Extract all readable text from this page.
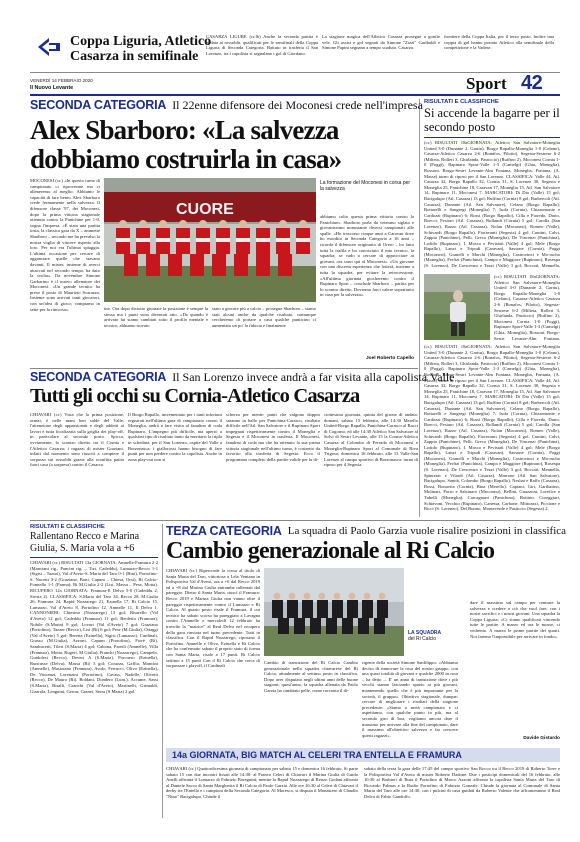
Coppa Liguria, Atletico
Casarza in semifinale
CASARZA LIGURE (cr.lb) Anche la seconda partita è andata ai rossoblù, qualificati per le semifinali della Coppa Liguria di Seconda Categoria. Battuto in trasferta il San Lorenzo, tra i capolista si segnalano i gol di Giordano.
La stagione magica dell'Atletico Casarza prosegue a gonfie vele. Gli assist e gol segnati da Simone "Zizzi" Garibaldi e Simone Papini segnano a tempo scaduto. Casarza.
frontiere della Coppa Italia, per il terzo posto. Inoltre una coppia di gol hanno portato Atletico alla semifinale della competizione e la Vadese.
VENERDÌ 14 FEBBRAIO 2020
Il Nuovo Levante	Sport 42
RISULTATI E CLASSIFICHE
Si accende la bagarre per il secondo posto
(cr.) RISULTATI 18aGIORNATA: Atletico San Salvatore-Moneglia United 3-0 (Dunante 2, Garitu), Borgo Rapallo-Moneglia 1-0 (Celano), Casarza-Atletico Casarza 2-6 (Bonafos, Pilotto), Segesta-Sestrese 6-2 (Milieta, Rolleri 3, Ghirlanda, Pasticcio) (Ruffino 2), Moconesi Cornia 1-0 (Poggi), Rapinaro Sport-Valle 1-3 (Camelgi) (Ghia, Moneglia), Rossoni. Borgo-Sestri Levante-Alm Fontana, Moneglia, Fontana, (A. Masse) turno di riposo per il San Lorenzo. CLASSIFICA: Valle 44, Atl. Casarza 32, Borgo Rapallo 32, Cornia 31, S. Lorenzo 30, Segesta e Moneglia 25, Panichine 18, Caravan 17, Moneglia 15, Atl. San Salvatore 14, Rupinaro 11, Moconesi 7. MARCATORI: Di Dio (Valle) 15 gol; Bacigalupo (Atl. Casarza) 13 gol; Ruffino (Cornia) 8 gol; Barbercoli (Atl. Casarza), Dunante (Atl. San Salvatore), Celano (Borgo Rapallo), Bottarelli e Sangregi (Moneglia) 7; Isola (Cornia), Chiaromonte e Cardozzi (Rupinaro) 6; Rossi (Borgo Rapallo), Cilla e Fioredo, Dario, Boecci, Fesiaro (Atl. Casarza), Rollandi (Cornia) 5 gol; Carolla (San Lorenzo), Razzo (Atl. Casarza), Nolan (Moconesi), Romeo (Valle), Schivardi (Borgo Rapallo), Fioravanti (Segesta) 4 gol. Contini, Calvi, Zappia (Panichine), Pelli, Greco (Moneglia), De Vincenzi (Panichina), Lodolo (Rupinaro), I. Mosca e Pevistati (Valle) 4 gol; Mele (Borgo Rapallo), Lanzi e Tripodi (Caravan), Sassone (Cornia), Poggi (Moconesi), Granelli e Marchi (Moneglia), Castrovinci e Mo-rucho (Moneglia), Ferfizi (Panichina), Campo e Maggiore (Rupinaro), Rosespa (S. Lorenzo), De Crescenzo e Tezzi (Valle) 3 gol; Boccati, Mennella,
(cr.) RISULTATI 18aGIORNATA: Atletico San Salvatore-Moneglia United 3-0 (Dunante 2, Garitu), Borgo Rapallo-Moneglia 1-0 (Celano), Casarza-Atletico Casarza 2-6 (Bonafos, Pilotto), Segesta-Sestrese 6-2 (Milieta, Rolleri 3, Ghirlanda, Pasticcio) (Ruffino 2), Moconesi Cornia 1-0 (Poggi), Rapinaro Sport-Valle 1-3 (Camelgi) (Ghia, Moneglia), Rossoni. Borgo-Sestri Levante-Alm Fontana,
(cr.) RISULTATI 18aGIORNATA: Atletico San Salvatore-Moneglia United 3-0 (Dunante 2, Garitu), Borgo Rapallo-Moneglia 1-0 (Celano), Casarza-Atletico Casarza 2-6 (Bonafos, Pilotto), Segesta-Sestrese 6-2 (Milieta, Rolleri 3, Ghirlanda, Pasticcio) (Ruffino 2), Moconesi Cornia 1-0 (Poggi), Rapinaro Sport-Valle 1-3 (Camelgi) (Ghia, Moneglia), Rossoni. Borgo-Sestri Levante-Alm Fontana, Moneglia, Fontana, (A. Masse) turno di riposo per il San Lorenzo. CLASSIFICA: Valle 44, Atl. Casarza 32, Borgo Rapallo 32, Cornia 31, S. Lorenzo 30, Segesta e Moneglia 25, Panichine 18, Caravan 17, Moneglia 15, Atl. San Salvatore 14, Rupinaro 11, Moconesi 7. MARCATORI: Di Dio (Valle) 15 gol; Bacigalupo (Atl. Casarza) 13 gol; Ruffino (Cornia) 8 gol; Barbercoli (Atl. Casarza), Dunante (Atl. San Salvatore), Celano (Borgo Rapallo), Bottarelli e Sangregi (Moneglia) 7; Isola (Cornia), Chiaromonte e Cardozzi (Rupinaro) 6; Rossi (Borgo Rapallo), Cilla e Fioredo, Dario, Boecci, Fesiaro (Atl. Casarza), Rollandi (Cornia) 5 gol; Carolla (San Lorenzo), Razzo (Atl. Casarza), Nolan (Moconesi), Romeo (Valle), Schivardi (Borgo Rapallo), Fioravanti (Segesta) 4 gol. Contini, Calvi, Zappia (Panichine), Pelli, Greco (Moneglia), De Vincenzi (Panichina), Lodolo (Rupinaro), I. Mosca e Pevistati (Valle) 4 gol; Mele (Borgo Rapallo), Lanzi e Tripodi (Caravan), Sassone (Cornia), Poggi (Moconesi), Granelli e Marchi (Moneglia), Castrovinci e Mo-rucho (Moneglia), Ferfizi (Panichina), Campo e Maggiore (Rupinaro), Rosespa (S. Lorenzo), De Crescenzo e Tezzi (Valle) 3 gol; Boccati, Mennella, Spinterac e Vilardi (Atl. Casarza), Marrone (Atl. San Salvatore), Bacigalupo, Sanità, Colombo (Borgo Rapallo), Neshat e Raffo (Casarza), Rossi, Bonavita (Cornia), Bina (Merello), Capiani, Giri, Garibarino, Molinari, Porro e Salsinace (Moconesi), Bellini, Guazzoni, Lorefice e Tubelli (Moneglia), Carcagnoni (Panichina), Bottino, Coreggiari, Schiavoni, Vecchio (Rupinaro), Canessa, Carbone, Mittoazzi, Piccione e Ricci (S. Lorenzo), Del Buono, Monteverde e Pasticcio (Segesta) 2.
SECONDA CATEGORIA Il 22enne difensore dei Moconesi crede nell'impresa
Alex Sbarboro: «La salvezza
dobbiamo costruirla in casa»
MOCONESI (cr.) «In questo turno di campionato ci riproverme ma ci alleneremo al meglio. Abbiamo le capacità di fare bene» Alex Sbarboro crede fermamente nella salvezza. Il difensore classe '97, dei Moconesi, dopo la prima vittoria stagionale ottenuta contro la Panichine per 1-0, sogna l'impresa. «È stata una partita tosta, la classica gara da X – ammette Sbarboro – secondo me ha prevalso la nostra voglia di vincere rispetto alla loro. Per noi era l'ultima spiaggia. L'ultima occasione per cercare di agganciare quelle che stavano davanti. Il mister, insieme di averci attaccati nel secondo tempo, ha dato la svolta». Da novembre Simone Garbarino è il nuovo allenatore dei Moconesi. «Un grande tecnico ha preso il posto di Maurizio Scarazza. Insieme sono arrivati tanti giocatori, con un'idea di gioco; compiamo in sette per la rincorsa».
CUORE
La formazione del Moconesi in corsa per la salvezza
tite. Ora dopo diciotto giornate la posizione è sempre la stessa ma i punti sono diventati otto. «Da quando è arrivato lui siamo cambiati sotto il profilo mentale e tecnico, abbiamo trovato
stato a giocare più a calcio – prosegue Sbarboro – siamo stati alcuni anche da qualche risultato, comunque cercheremo di portare a casa qualche punticino ci aumentato un po' la fiducia e finalmente
abbiamo colto questa prima vittoria contro la Panichine». Sbarboro parla da veterano siglato e giovanissimo nonostante diversi campionati alle spalle. «Ho trascorso cinque anni a Caravan dove ho esordito in Seconda Categoria a 16 anni – ricorda il difensore originario di Orero – ho fatto tutta la trafila e ho conosciuto il mio tecnico, la squadra; se vado a cercare di approcciare ai giovani, ora sono qui al Moconesi». «Un giovane con una discreta esperienza che lotterà, insieme a tutta la squadra, per evitare la retrocessione. «All'ultima giornata giocheremo contro il Rupinaro Sport – conclude Sbarboro – partita per lo scontro diretto. Dovremo farci valere soprattutto in casa per la salvezza».
Joel Roberto Capello
SECONDA CATEGORIA Il San Lorenzo invece andrà a far visita alla capolista Valle
Tutti gli occhi su Cornia-Atletico Casarza
CHIAVARI (cr.) Vista che la prima posizione, ormai, è nelle mani ben salde del Valle, l'attenzione degli appassionati e degli addetti ai lavori è tutta focalizzata sulla griglia dei play-off, in particolare al secondo posto. Spicca, ovviamente, lo scontro diretto tra il Cornia e l'Atletico Casarza; i ragazzi di mister Graziani, infatti dal momento sono riusciti a compiere il sorpasso sui rossoblù grazie alla sconfitta patita fuori casa (a sorpresa) contro il Casarco.
Il Borgo Rapallo, incrementato per i tanti infortuni registrati nell'ultima gara di campionato contro il Moneglia, andrà a fare visita al fanalino di coda Rupinaro. L'impegno più difficile, ma aperto a qualsiasi tipo di risultato tanto da meritarsi la tripla in schedina, per il San Lorenzo, ospite del Valle a Borzonasca: i giallorossi hanno bisogno di fare punti per non perdere contro la capolista. Anche in zona play-out non si
scherza per niente: punti che valgono doppio saranno in ballo per Panichina-Carasco, risultato difficile nell'Atl. San Salvatore e il Rupinaro Sport impegnati rispettivamente contro il Moneglia e Segesta e il Moconesi in trasferta. Il Moconesi, fanalino di coda ma che ha ottenuto la sua prima vittoria stagionale nell'ultimo turno, è costretto da favorito alla trasferta di Segesta. Ecco il programma completo della partite valide per la di-
ciottesima giornata, quinta del girone di andata: domani, sabato 15 febbraio, alle 14:30 Merello United-Borgo Rapallo, Panichina-Carasco al Bacci di Cogorno, ed alle 14:30 Atletico San Salvatore al Solvi di Sestri Levante, alle 15 la Cornia-Atletico Casarza al Colombo di Ferrada di Moconesi e Moneglia-Rupinaro Sport al Comunale di Riva Trigoso; domenica 16 febbraio, alle 13 Valle-San Lorenzo al campo sportivo di Borzonasca: turno di riposo per il Segesta.
RISULTATI E CLASSIFICHE
Rallentano Recco e Marina
Giulia, S. Maria vola a +6
CHIAVARI (cr.) RISULTATI 13a GIORNATA: Amnelle-Framura 2-2 (Manciani rig., Pancini rig. – Tizi, Cadeddu), Lumarzo-Recco 1-1 (Sigisi – Tazuri), Val d'Aveto-S. Maria del Taro 0-1 (Bini), Portofino-S. Nocetti 3-2 (Graziano, Boni, Capum – Chiesa, Orsi), Ri Calcio-Fonnello 1-1 (Parma); Ri M.Giulia 2-2 (Lisi, Massa – Pese, Motta). RICUPERO 12a GIORNATA: Framura-Il Delva 5-0 (Cadeddu 2, Siriria 2). CLASSIFICA: S.Maria del Taro 34, Recco 28, M.Giulia 26, Framura 24, Rapid Nozzarego 21, Ezinella 17, Ri Calcio 15, Lumarzo, Val d'Aveto 8, Portofino 12, Amnelle 11, Il Delva 1. CANNONIERI: Chiesino (Nozzarego) 13 gol; Bisarello (Val d'Aveto) 12 gol; Cadeddu (Framura) 11 gol; Beoletto (Framura), Nobile (S.Maria) 9 gol; Lovari (Val d'Aveto) 7 gol; Graziano (Portofino), Tazzer (Recco), Lisi (Ri) 6 gol; Pese (M.Giulia), Ottaggi (Val d'Aveto) 5 gol; Beretta (Ezinella), Sigisi (Lumarzo), Cardinali, Grasso (M.Giulia), Azzoni, Capum (Portofino), Fiorè (Ri), Sambucetti, Tileri (S.Maria) 4 gol; Cabona, Pareili (Amnelle), Villa (Framura), Motta, Rugeri, M.Giulia), Franchi (Nozzarego), Campelo, Guidolesi (Recco), Deveri A (S.Maria), Porcuero (Ezinella), Runcusse (Delva), Massa (Ri) 3 gol; Corazza, Gaffia, Mancini (Amnelle), Masioiano (Framura), Avolo, Ferrucci, Olivo (Ezinella), De Vincenzi, Lorenzini (Portofino), Cavass, Nadelle, Olivetti (Recco), De Mauro (Ri), Boldani, Dondero (Lum.), Accame, Sassi (S.Maria), Bisalli, Granchi (Val d'Aveto), Martinelli, Grimaldi, Giarrola, Lengnini, Gerrar, Granei, Serra (S.Maria) 2 gol.
TERZA CATEGORIA La squadra di Paolo Garzia vuole risalire posizioni in classifica
Cambio generazionale al Ri Calcio
CHIAVARI (cr.) Ripercorde la corsa al titolo di Santa Maria del Taro, vittoriosa a Lela Ventana in Polisportiva Val d'Aveto, ora a +6 dal Recco 2019 ed a +8 dal Marina Giulia entrambe rallentati dal pareggio. Dietro il Santa Maria, riuscì il Framura: Recco 2019 e Marina Giulia non vanno oltre il pareggio rispettivamente contro il Lumarzo e Ri Calcio. Al quarto posto risale il Framura, il cui tecnico ha sabato scorso ha pareggiato a Lavagna contro l'Amnelle e mercoledì 12 febbraio ha travolto la "matrice" al Real Delva nel recupero della gara rinviata nel turno precedente. Tutti in classifica. Con il Rapid Nozzarego, riposano il Portofino, Amnelle e Olivo, Ezinella e Ri Calcio che ha confermato sabato il proprio stato di forma con Santa Maria, risale a 17 punti. Ri Calcio settimo a 15 punti Con il Ri Calcio che cerca di sorpassare i playoff, il Cardinali
LA SQUADRA
del Ri Calcio
Cambio di transizione del Ri Calcio Cambio generazionale nella squadra chiavarese del Ri Calcio, attualmente al settimo posto in classifica. Dopo aver disputato negli ultimi anni delle buone stagioni, quest'anno, la squadra allenata da Paolo Garzia ha cambiato pelle, come racconta il di-
rigente della società Simone Sanfilippo: «Abbiamo deciso di rinnovare la rosa del nostro gruppo, con una quasi totalità di giovani e qualche 2000 in rosa – ha detto –. E' un anno di transizione dove i più vecchi stanno lasciando spazio ai più giovani, mantenendo quello che è più importante per la società, il gruppo». Obiettivo stagionale, dunque: cercare di migliorare i risultati della stagione precedente: «Siamo a metà campionato e ci aspettiamo, con qualche punto in più, ma al secondo giro di boa, vogliamo ancora dare il massimo per arrivare alla fine del campionato, dare il massimo all'obiettivo salvezza e far crescere questi ragazzi».
dare il massimo sul campo per centrare la salvezza e credere a ciò che vuol fare, con i nostri sacrifici e i nostri giovani. Una squadra la Coppa Liguria: «Ci siamo qualificati vincendo tutte le partite. A marzo ed ora le mosse, ci vedremo. A marzo le prime partite dei quarti. Noi faremo l'impossibile per arrivare in fondo».
Davide Gistardo
14a GIORNATA, BIG MATCH AL CELERI TRA ENTELLA E FRAMURA
CHIAVARI (cr.) Quattordicesima giornata di campionato per sabato 15 e domenica 16 febbraio. Si parte sabato 15 con due incontri fissati alle 14:30: al Franco Celeri di Chiavari il Marina Giulia di Guido Anelli affronta il Lumarzo di Fabrizio Boregnini; mentre la Rapid Nozzarego di Renzo Godani affronta al Daniele Sacco di Santa Margherita il Ri Calcio di Paolo Garzia. Alle ore 16:30 al Celeri di Chiavari il derby tra l'Entella e i campioni della Seconda Categoria. Al Moresco, si disputa il Monastero di Claudio "Nino" Bacigalupo. Chiude il
sabato della terza la gara delle 17:45 del campo sportivo San Rocco tra il Recco 2019 di Roberto Torre e la Polisportiva Val d'Aveto di mister Roberto Dadone. Due i posticipi domenicali del 16 febbraio, alle 10:30 al Barbieri di Ruta il Portofino di Marco Azzoni affronta la capolista Santa Maria del Taro di Riccardo Palmas e la Rudio Portofino di Fabrizio Gonzale. Chiude la giornata al Comunale di Santa Maria del Taro alle ore 14:30, con i pulcini di casa guidati da Roberto Valente che affronteranno il Real Delva di Fabio Gandolfo.
